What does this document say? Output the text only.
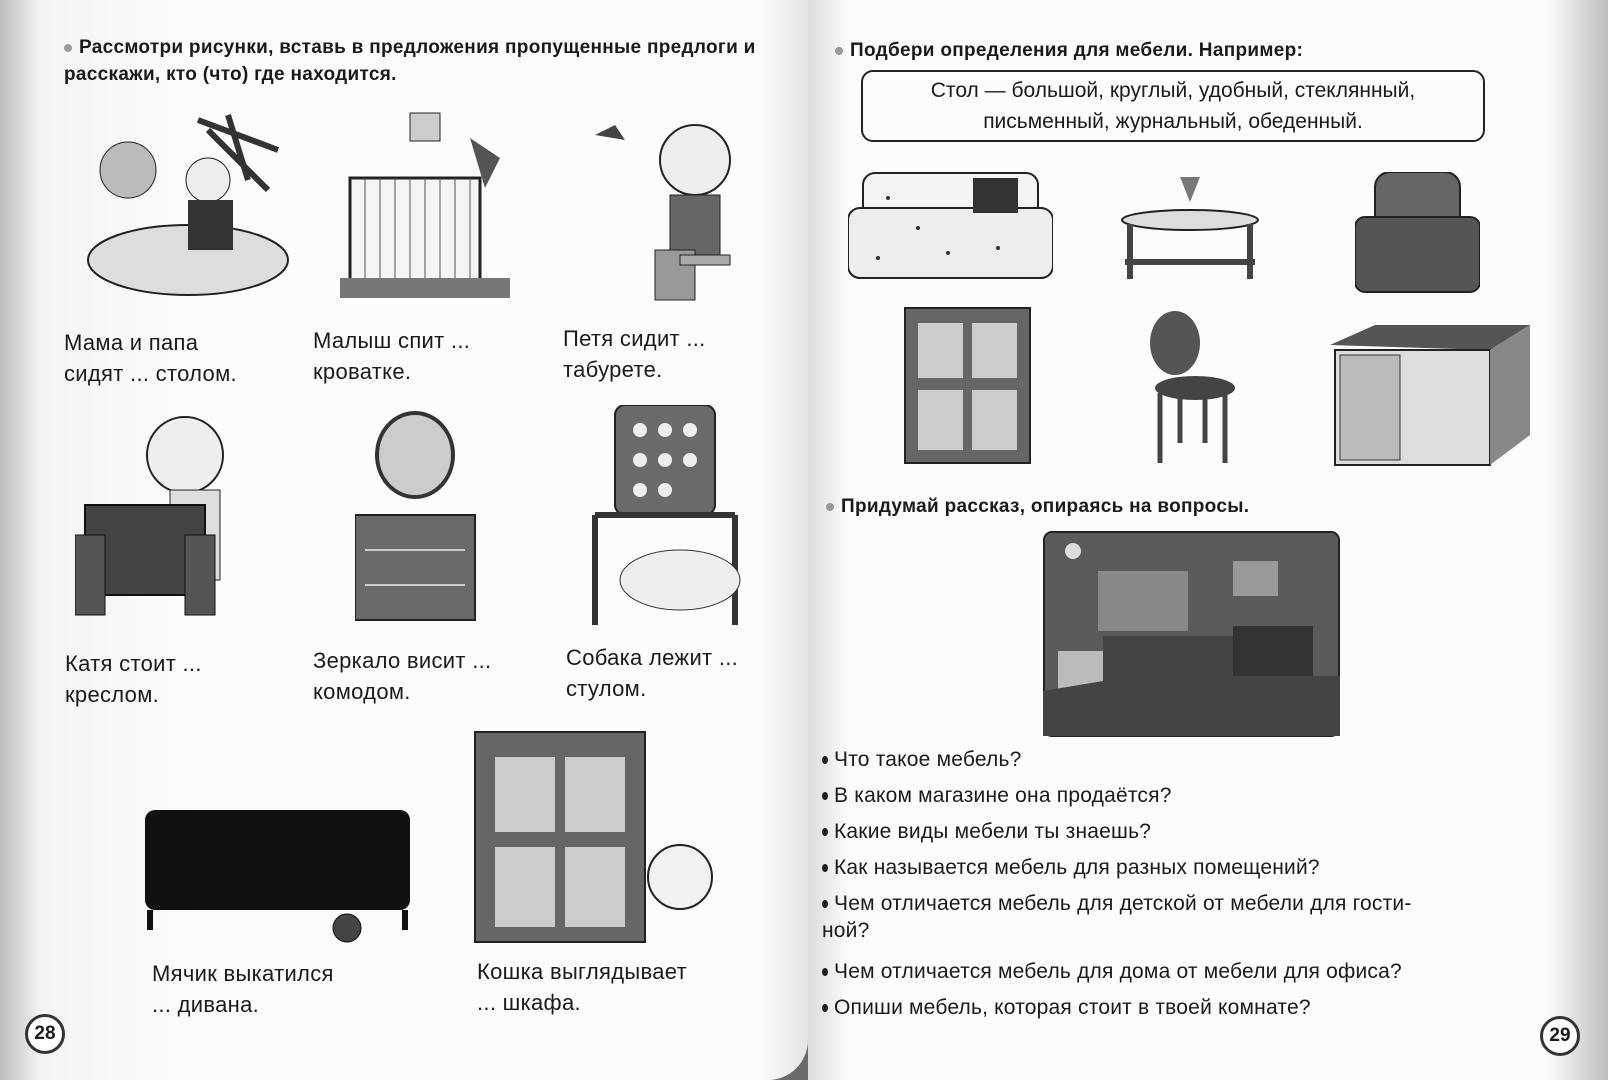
Рассмотри рисунки, вставь в предложения пропущенные предлоги и расскажи, кто (что) где находится.
Мама и папа
сидят ... столом.
Малыш спит ...
кроватке.
Петя сидит ...
табурете.
Катя стоит ...
креслом.
Зеркало висит ...
комодом.
Собака лежит ...
стулом.
Мячик выкатился
... дивана.
Кошка выглядывает
... шкафа.
28
Подбери определения для мебели. Например:
Стол — большой, круглый, удобный, стеклянный,
письменный, журнальный, обеденный.
Придумай рассказ, опираясь на вопросы.
Что такое мебель?
В каком магазине она продаётся?
Какие виды мебели ты знаешь?
Как называется мебель для разных помещений?
Чем отличается мебель для детской от мебели для гости-
ной?
Чем отличается мебель для дома от мебели для офиса?
Опиши мебель, которая стоит в твоей комнате?
29
